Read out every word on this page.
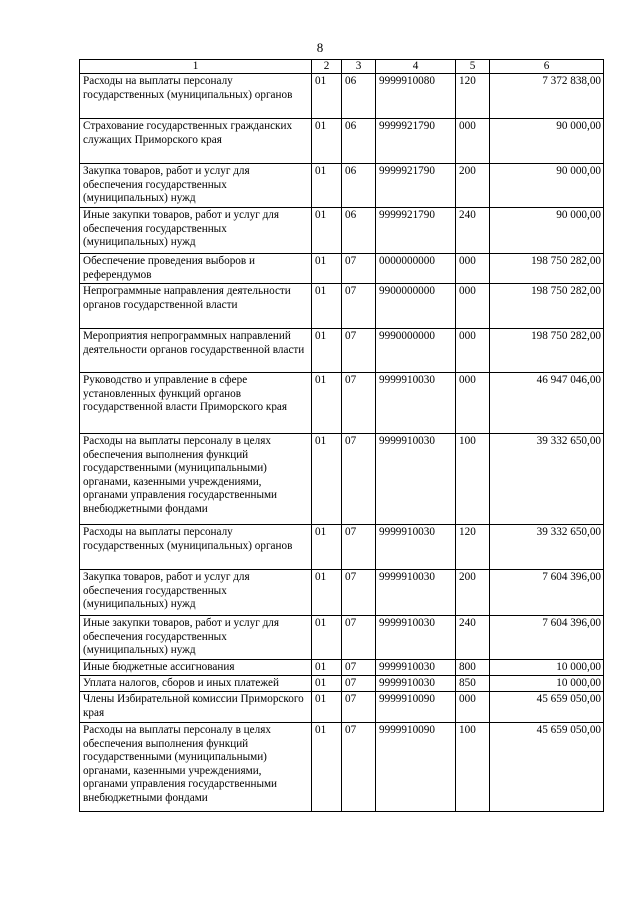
8
1	2	3	4	5	6
Расходы на выплаты персоналу государственных (муниципальных) органов	01	06	9999910080	120	7 372 838,00
Страхование государственных гражданских служащих Приморского края	01	06	9999921790	000	90 000,00
Закупка товаров, работ и услуг для обеспечения государственных (муниципальных) нужд	01	06	9999921790	200	90 000,00
Иные закупки товаров, работ и услуг для обеспечения государственных (муниципальных) нужд	01	06	9999921790	240	90 000,00
Обеспечение проведения выборов и референдумов	01	07	0000000000	000	198 750 282,00
Непрограммные направления деятельности органов государственной власти	01	07	9900000000	000	198 750 282,00
Мероприятия непрограммных направлений деятельности органов государственной власти	01	07	9990000000	000	198 750 282,00
Руководство и управление в сфере установленных функций органов государственной власти Приморского края	01	07	9999910030	000	46 947 046,00
Расходы на выплаты персоналу в целях обеспечения выполнения функций государственными (муниципальными) органами, казенными учреждениями, органами управления государственными внебюджетными фондами	01	07	9999910030	100	39 332 650,00
Расходы на выплаты персоналу государственных (муниципальных) органов	01	07	9999910030	120	39 332 650,00
Закупка товаров, работ и услуг для обеспечения государственных (муниципальных) нужд	01	07	9999910030	200	7 604 396,00
Иные закупки товаров, работ и услуг для обеспечения государственных (муниципальных) нужд	01	07	9999910030	240	7 604 396,00
Иные бюджетные ассигнования	01	07	9999910030	800	10 000,00
Уплата налогов, сборов и иных платежей	01	07	9999910030	850	10 000,00
Члены Избирательной комиссии Приморского края	01	07	9999910090	000	45 659 050,00
Расходы на выплаты персоналу в целях обеспечения выполнения функций государственными (муниципальными) органами, казенными учреждениями, органами управления государственными внебюджетными фондами	01	07	9999910090	100	45 659 050,00
